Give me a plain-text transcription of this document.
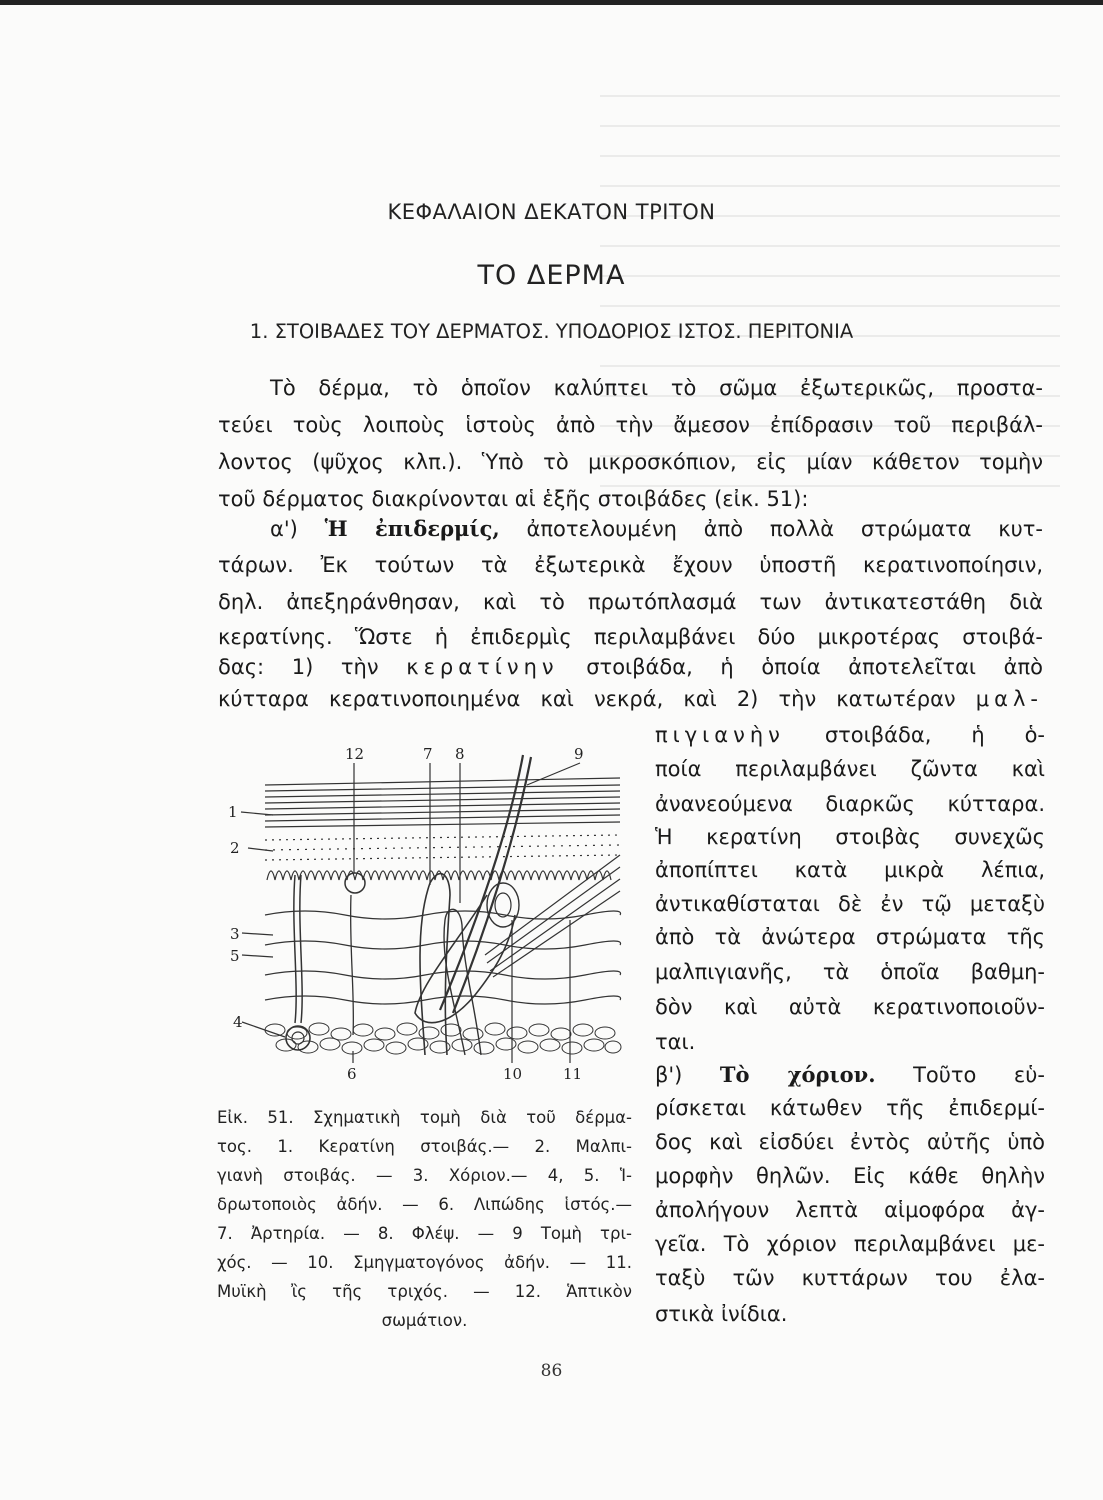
ΚΕΦΑΛΑΙΟΝ ΔΕΚΑΤΟΝ ΤΡΙΤΟΝ
ΤΟ ΔΕΡΜΑ
1. ΣΤΟΙΒΑΔΕΣ ΤΟΥ ΔΕΡΜΑΤΟΣ. ΥΠΟΔΟΡΙΟΣ ΙΣΤΟΣ. ΠΕΡΙΤΟΝΙΑ
Τὸ δέρμα, τὸ ὁποῖον καλύπτει τὸ σῶμα ἐξωτερικῶς, προστα-
τεύει τοὺς λοιποὺς ἱστοὺς ἀπὸ τὴν ἄμεσον ἐπίδρασιν τοῦ περιβάλ-
λοντος (ψῦχος κλπ.). Ὑπὸ τὸ μικροσκόπιον, εἰς μίαν κάθετον τομὴν
τοῦ δέρματος διακρίνονται αἱ ἑξῆς στοιβάδες (εἰκ. 51):
α') Ἡ ἐπιδερμίς, ἀποτελουμένη ἀπὸ πολλὰ στρώματα κυτ-
τάρων. Ἐκ τούτων τὰ ἐξωτερικὰ ἔχουν ὑποστῆ κερατινοποίησιν,
δηλ. ἀπεξηράνθησαν, καὶ τὸ πρωτόπλασμά των ἀντικατεστάθη διὰ
κερατίνης. Ὥστε ἡ ἐπιδερμὶς περιλαμβάνει δύο μικροτέρας στοιβά-
δας: 1) τὴν κερατίνην στοιβάδα, ἡ ὁποία ἀποτελεῖται ἀπὸ
κύτταρα κερατινοποιημένα καὶ νεκρά, καὶ 2) τὴν κατωτέραν μαλ-
πιγιανὴν στοιβάδα, ἡ ὁ-
ποία περιλαμβάνει ζῶντα καὶ
ἀνανεούμενα διαρκῶς κύτταρα.
Ἡ κερατίνη στοιβὰς συνεχῶς
ἀποπίπτει κατὰ μικρὰ λέπια,
ἀντικαθίσταται δὲ ἐν τῷ μεταξὺ
ἀπὸ τὰ ἀνώτερα στρώματα τῆς
μαλπιγιανῆς, τὰ ὁποῖα βαθμη-
δὸν καὶ αὐτὰ κερατινοποιοῦν-
ται.
β') Τὸ χόριον. Τοῦτο εὑ-
ρίσκεται κάτωθεν τῆς ἐπιδερμί-
δος καὶ εἰσδύει ἐντὸς αὐτῆς ὑπὸ
μορφὴν θηλῶν. Εἰς κάθε θηλὴν
ἀπολήγουν λεπτὰ αἱμοφόρα ἀγ-
γεῖα. Τὸ χόριον περιλαμβάνει με-
ταξὺ τῶν κυττάρων του ἐλα-
στικὰ ἰνίδια.
12	7 8	9
1
2
3
5
4
6	10	11
Εἰκ. 51. Σχηματικὴ τομὴ διὰ τοῦ δέρμα-
τος. 1. Κερατίνη στοιβάς.— 2. Μαλπι-
γιανὴ στοιβάς. — 3. Χόριον.— 4, 5. Ἱ-
δρωτοποιὸς ἀδήν. — 6. Λιπώδης ἱστός.—
7. Ἀρτηρία. — 8. Φλέψ. — 9 Τομὴ τρι-
χός. — 10. Σμηγματογόνος ἀδήν. — 11.
Μυϊκὴ ἲς τῆς τριχός. — 12. Ἁπτικὸν
σωμάτιον.
86
